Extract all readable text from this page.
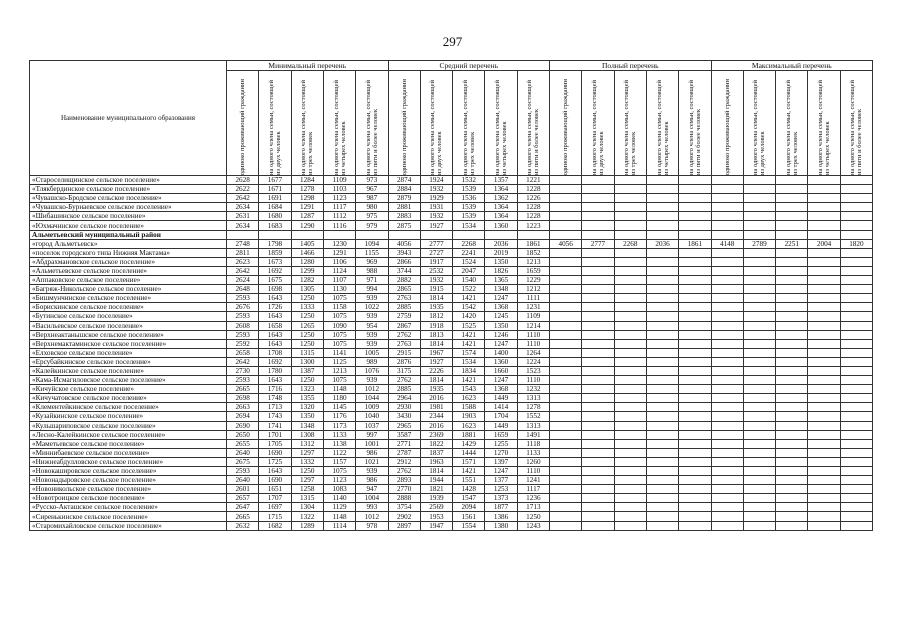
297
Наименование муниципального образования	Минимальный перечень					Средний перечень					Полный перечень					Максимальный перечень				

	одиноко проживающий гражданин	на одного члена семьи, состоящей из двух человек	на одного члена семьи, состоящей из трех человек	на одного члена семьи, состоящей из четырех человек	на одного члена семьи, состоящей из пяти и более человек	одиноко проживающий гражданин	на одного члена семьи, состоящей из двух человек	на одного члена семьи, состоящей из трех человек	на одного члена семьи, состоящей из четырех человек	на одного члена семьи, состоящей из пяти и более человек	одиноко проживающий гражданин	на одного члена семьи, состоящей из двух человек	на одного члена семьи, состоящей из трех человек	на одного члена семьи, состоящей из четырех человек	на одного члена семьи, состоящей из пяти и более человек	одиноко проживающий гражданин	на одного члена семьи, состоящей из двух человек	на одного члена семьи, состоящей из трех человек	на одного члена семьи, состоящей из четырех человек	на одного члена семьи, состоящей из пяти и более человек

«Староселищинское сельское поселение»	2628	1677	1284	1109	973	2874	1924	1532	1357	1221										
«Тлякбердинское сельское поселение»	2622	1671	1278	1103	967	2884	1932	1539	1364	1228										
«Чувашско-Бродское сельское поселение»	2642	1691	1298	1123	987	2879	1929	1536	1362	1226										
«Чувашско-Бурнаевское сельское поселение»	2634	1684	1291	1117	980	2881	1931	1539	1364	1228										
«Шибашинское сельское поселение»	2631	1680	1287	1112	975	2883	1932	1539	1364	1228										
«Юхмачинское сельское поселение»	2634	1683	1290	1116	979	2875	1927	1534	1360	1223										
Альметьевский муниципальный район																				
«город Альметьевск»	2748	1798	1405	1230	1094	4056	2777	2268	2036	1861	4056	2777	2268	2036	1861	4148	2789	2251	2004	1820
«поселок городского типа Нижняя Мактама»	2811	1859	1466	1291	1155	3943	2727	2241	2019	1852										
«Абдрахмановское сельское поселение»	2623	1673	1280	1106	969	2866	1917	1524	1350	1213										
«Альметьевское сельское поселение»	2642	1692	1299	1124	988	3744	2532	2047	1826	1659										
«Аппаковское сельское поселение»	2624	1675	1282	1107	971	2882	1932	1540	1365	1229										
«Багряж-Никольское сельское поселение»	2648	1698	1305	1130	994	2865	1915	1522	1348	1212										
«Бишмунчинское сельское поселение»	2593	1643	1250	1075	939	2763	1814	1421	1247	1111										
«Борискинское сельское поселение»	2676	1726	1333	1158	1022	2885	1935	1542	1368	1231										
«Бутинское сельское поселение»	2593	1643	1250	1075	939	2759	1812	1420	1245	1109										
«Васильевское сельское поселение»	2608	1658	1265	1090	954	2867	1918	1525	1350	1214										
«Верхнеактанышское сельское поселение»	2593	1643	1250	1075	939	2762	1813	1421	1246	1110										
«Верхнемактаминское сельское поселение»	2592	1643	1250	1075	939	2763	1814	1421	1247	1110										
«Елховское сельское поселение»	2658	1708	1315	1141	1005	2915	1967	1574	1400	1264										
«Ерсубайкинское сельское поселение»	2642	1692	1300	1125	989	2876	1927	1534	1360	1224										
«Калейкинское сельское поселение»	2730	1780	1387	1213	1076	3175	2226	1834	1660	1523										
«Кама-Исмагиловское сельское поселение»	2593	1643	1250	1075	939	2762	1814	1421	1247	1110										
«Кичуйское сельское поселение»	2665	1716	1323	1148	1012	2885	1935	1543	1368	1232										
«Кичучатовское сельское поселение»	2698	1748	1355	1180	1044	2964	2016	1623	1449	1313										
«Клементейкинское сельское поселение»	2663	1713	1320	1145	1009	2930	1981	1588	1414	1278										
«Кузайкинское сельское поселение»	2694	1743	1350	1176	1040	3430	2344	1903	1704	1552										
«Кульшариповское сельское поселение»	2690	1741	1348	1173	1037	2965	2016	1623	1449	1313										
«Лесно-Калейкинское сельское поселение»	2650	1701	1308	1133	997	3587	2369	1881	1659	1491										
«Маметьевское сельское поселение»	2655	1705	1312	1138	1001	2771	1822	1429	1255	1118										
«Миннибаевское сельское поселение»	2640	1690	1297	1122	986	2787	1837	1444	1270	1133										
«Нижнеабдулловское сельское поселение»	2675	1725	1332	1157	1021	2912	1963	1571	1397	1260										
«Новокашировское сельское поселение»	2593	1643	1250	1075	939	2762	1814	1421	1247	1110										
«Новонадыровское сельское поселение»	2640	1690	1297	1123	986	2893	1944	1551	1377	1241										
«Новоникольское сельское поселение»	2601	1651	1258	1083	947	2770	1821	1428	1253	1117										
«Новотроицкое сельское поселение»	2657	1707	1315	1140	1004	2888	1939	1547	1373	1236										
«Русско-Акташское сельское поселение»	2647	1697	1304	1129	993	3754	2569	2094	1877	1713										
«Сиренькинское сельское поселение»	2665	1715	1322	1148	1012	2902	1953	1561	1386	1250										
«Старомихайловское сельское поселение»	2632	1682	1289	1114	978	2897	1947	1554	1380	1243										
